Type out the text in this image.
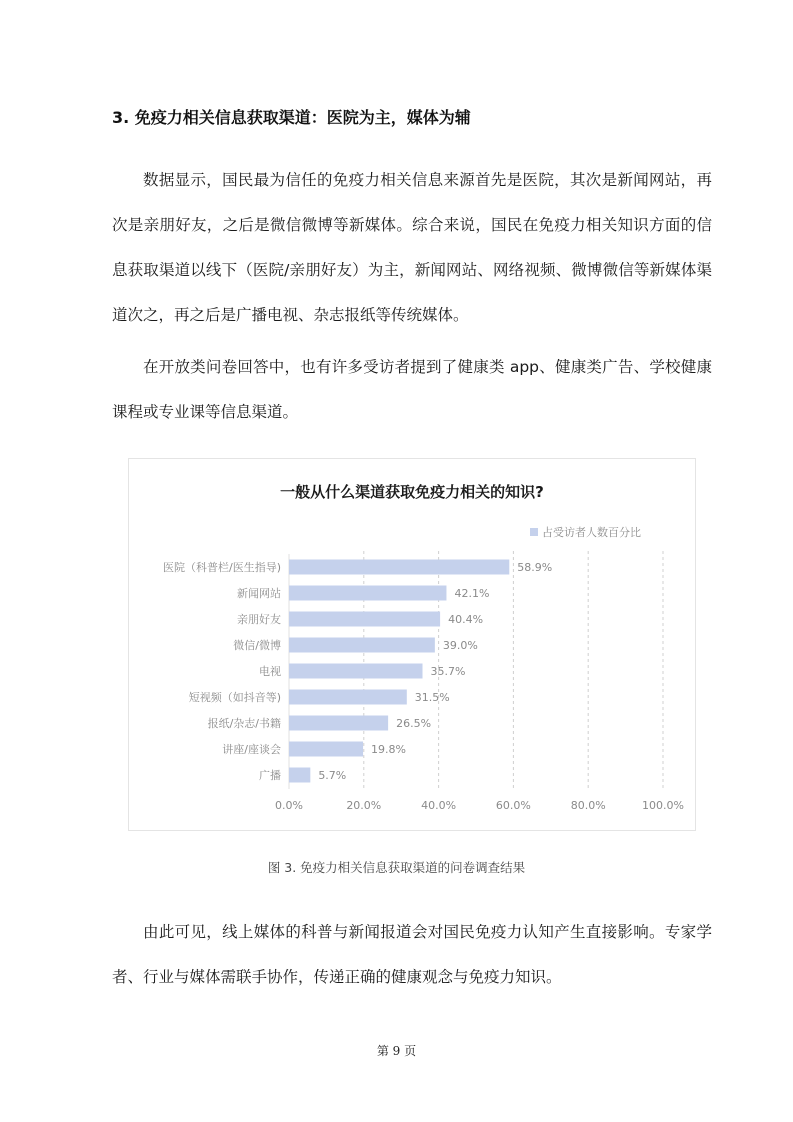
3. 免疫力相关信息获取渠道：医院为主，媒体为辅

数据显示，国民最为信任的免疫力相关信息来源首先是医院，其次是新闻网站，再次是亲朋好友，之后是微信微博等新媒体。综合来说，国民在免疫力相关知识方面的信息获取渠道以线下（医院/亲朋好友）为主，新闻网站、网络视频、微博微信等新媒体渠道次之，再之后是广播电视、杂志报纸等传统媒体。

在开放类问卷回答中，也有许多受访者提到了健康类 app、健康类广告、学校健康课程或专业课等信息渠道。

一般从什么渠道获取免疫力相关的知识?
占受访者人数百分比
0.0%	20.0%	40.0%	60.0%	80.0%	100.0%
医院（科普栏/医生指导)	58.9%
新闻网站	42.1%
亲朋好友	40.4%
微信/微博	39.0%
电视	35.7%
短视频（如抖音等)	31.5%
报纸/杂志/书籍	26.5%
讲座/座谈会	19.8%
广播	5.7%
图 3. 免疫力相关信息获取渠道的问卷调查结果

由此可见，线上媒体的科普与新闻报道会对国民免疫力认知产生直接影响。专家学者、行业与媒体需联手协作，传递正确的健康观念与免疫力知识。

第 9 页
